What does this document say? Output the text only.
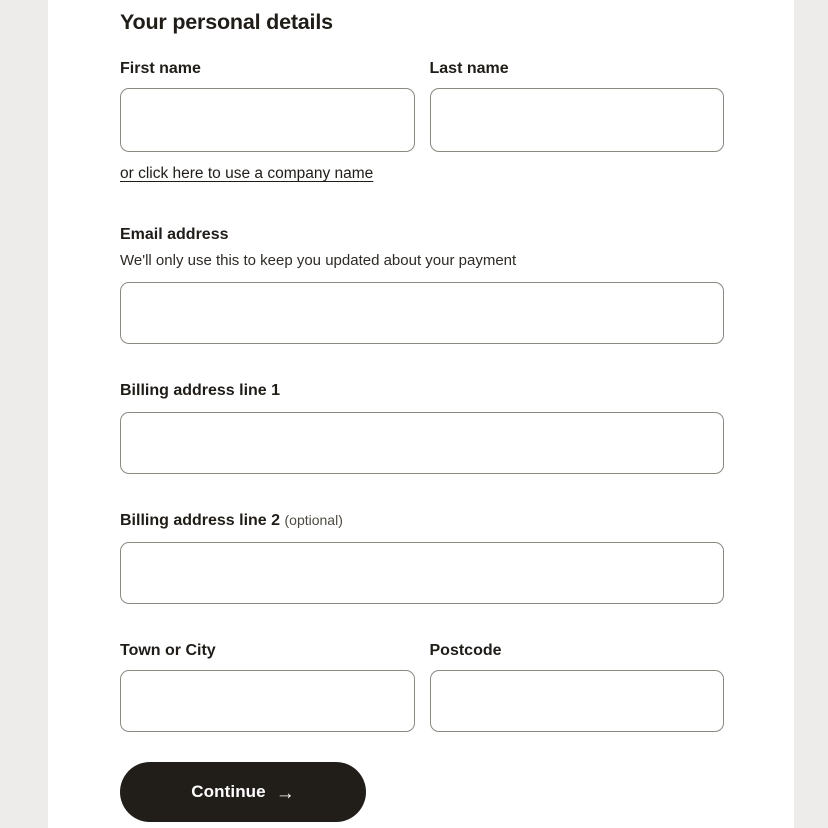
Your personal details
First name	Last name
or click here to use a company name
Email address
We'll only use this to keep you updated about your payment
Billing address line 1
Billing address line 2 (optional)
Town or City	Postcode
Continue →
